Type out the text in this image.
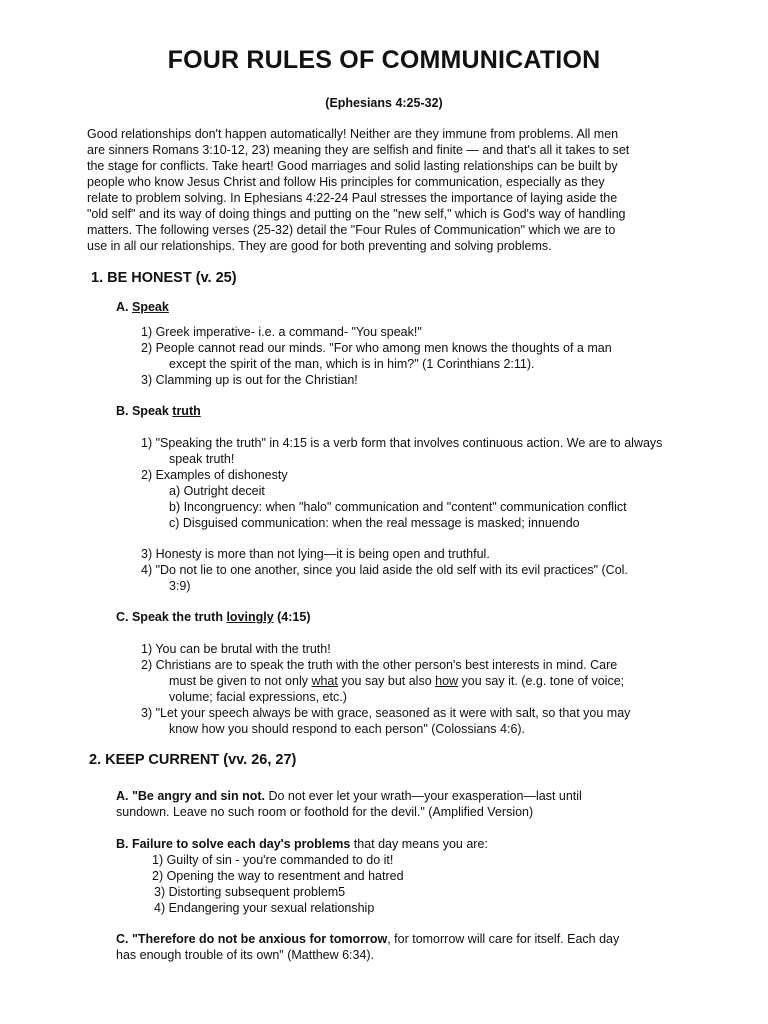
FOUR RULES OF COMMUNICATION
(Ephesians 4:25-32)
Good relationships don't happen automatically! Neither are they immune from problems. All men
are sinners Romans 3:10-12, 23) meaning they are selfish and finite — and that's all it takes to set
the stage for conflicts. Take heart! Good marriages and solid lasting relationships can be built by
people who know Jesus Christ and follow His principles for communication, especially as they
relate to problem solving. In Ephesians 4:22-24 Paul stresses the importance of laying aside the
"old self" and its way of doing things and putting on the "new self," which is God's way of handling
matters. The following verses (25-32) detail the "Four Rules of Communication" which we are to
use in all our relationships. They are good for both preventing and solving problems.
1. BE HONEST (v. 25)
A. Speak
1) Greek imperative- i.e. a command- "You speak!"
2) People cannot read our minds. "For who among men knows the thoughts of a man
except the spirit of the man, which is in him?" (1 Corinthians 2:11).
3) Clamming up is out for the Christian!
B. Speak truth
1) "Speaking the truth" in 4:15 is a verb form that involves continuous action. We are to always
speak truth!
2) Examples of dishonesty
a) Outright deceit
b) Incongruency: when "halo" communication and "content" communication conflict
c) Disguised communication: when the real message is masked; innuendo
3) Honesty is more than not lying—it is being open and truthful.
4) "Do not lie to one another, since you laid aside the old self with its evil practices" (Col.
3:9)
C. Speak the truth lovingly (4:15)
1) You can be brutal with the truth!
2) Christians are to speak the truth with the other person's best interests in mind. Care
must be given to not only what you say but also how you say it. (e.g. tone of voice;
volume; facial expressions, etc.)
3) "Let your speech always be with grace, seasoned as it were with salt, so that you may
know how you should respond to each person" (Colossians 4:6).
2. KEEP CURRENT (vv. 26, 27)
A. "Be angry and sin not. Do not ever let your wrath—your exasperation—last until
sundown. Leave no such room or foothold for the devil." (Amplified Version)
B. Failure to solve each day's problems that day means you are:
1) Guilty of sin - you're commanded to do it!
2) Opening the way to resentment and hatred
3) Distorting subsequent problem5
4) Endangering your sexual relationship
C. "Therefore do not be anxious for tomorrow, for tomorrow will care for itself. Each day
has enough trouble of its own" (Matthew 6:34).
